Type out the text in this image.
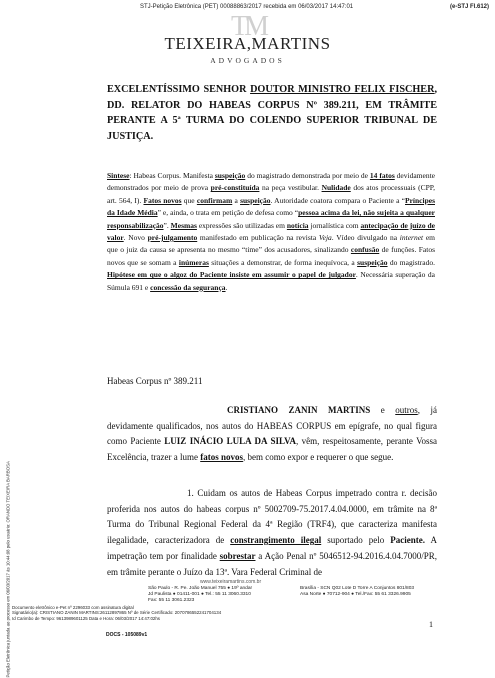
STJ-Petição Eletrônica (PET) 00088863/2017 recebida em 06/03/2017 14:47:01	(e-STJ Fl.612)
Petição Eletrônica juntada ao processo em 06/03/2017 às 10:44:08 pelo usuário: ORANDO TEIXEIRA BARBOSA
TM
TEIXEIRA,MARTINS
ADVOGADOS
EXCELENTÍSSIMO SENHOR DOUTOR MINISTRO FELIX FISCHER, DD. RELATOR DO HABEAS CORPUS Nº 389.211, EM TRÂMITE PERANTE A 5ª TURMA DO COLENDO SUPERIOR TRIBUNAL DE JUSTIÇA.
Sintese: Habeas Corpus. Manifesta suspeição do magistrado demonstrada por meio de 14 fatos devidamente demonstrados por meio de prova pré-constituída na peça vestibular. Nulidade dos atos processuais (CPP, art. 564, I). Fatos novos que confirmam a suspeição. Autoridade coatora compara o Paciente a “Príncipes da Idade Média” e, ainda, o trata em petição de defesa como “pessoa acima da lei, não sujeita a qualquer responsabilização”. Mesmas expressões são utilizadas em notícia jornalística com antecipação de juízo de valor. Novo pré-julgamento manifestado em publicação na revista Veja. Vídeo divulgado na internet em que o juiz da causa se apresenta no mesmo “time” dos acusadores, sinalizando confusão de funções. Fatos novos que se somam a inúmeras situações a demonstrar, de forma inequívoca, a suspeição do magistrado. Hipótese em que o algoz do Paciente insiste em assumir o papel de julgador. Necessária superação da Súmula 691 e concessão da segurança.
Habeas Corpus nº 389.211
CRISTIANO ZANIN MARTINS e outros, já devidamente qualificados, nos autos do HABEAS CORPUS em epígrafe, no qual figura como Paciente LUIZ INÁCIO LULA DA SILVA, vêm, respeitosamente, perante Vossa Excelência, trazer a lume fatos novos, bem como expor e requerer o que segue.
1. Cuidam os autos de Habeas Corpus impetrado contra r. decisão proferida nos autos do habeas corpus nº 5002709-75.2017.4.04.0000, em trâmite na 8ª Turma do Tribunal Regional Federal da 4ª Região (TRF4), que caracteriza manifesta ilegalidade, caracterizadora de constrangimento ilegal suportado pelo Paciente. A impetração tem por finalidade sobrestar a Ação Penal nº 5046512-94.2016.4.04.7000/PR, em trâmite perante o Juízo da 13ª. Vara Federal Criminal de
www.teixeiramartins.com.br
São Paulo - R. Pe. João Manuel 755 ● 19º andar
Jd Paulista ● 01411-001 ● Tel.: 55 11 3060.3310
Fax: 55 11 3061.2323
Brasília - SCN Q02 Lote D Torre A Conjuntos 801/803
Asa Norte ● 70712-904 ● Tel./Fax: 55 61 3326.9905
1
Documento eletrônico e-Pet nº 2296033 com assinatura digital
Signatário(a): CRISTIANO ZANIN MARTINS:26112897865 Nº de Série Certificado: 2070786552241704134
Id Carimbo de Tempo: 9613989601125 Data e Hora: 06/03/2017 14:47:02hs
DOCS - 105089v1
